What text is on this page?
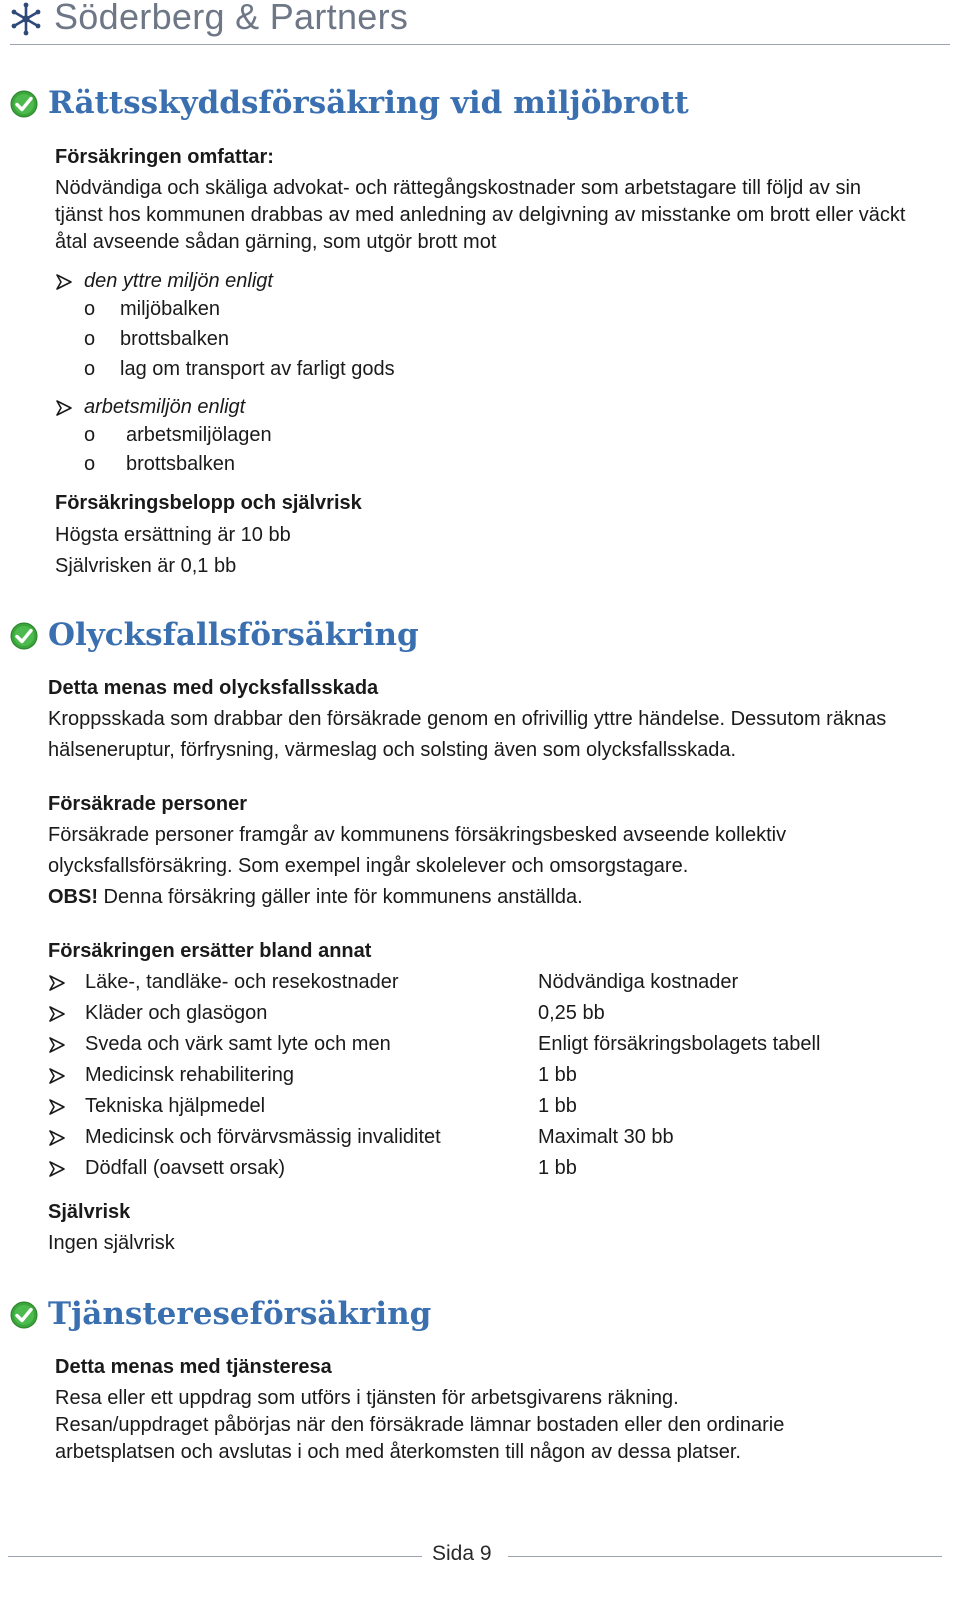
Söderberg & Partners
Rättsskyddsförsäkring vid miljöbrott
Försäkringen omfattar:
Nödvändiga och skäliga advokat- och rättegångskostnader som arbetstagare till följd av sin
tjänst hos kommunen drabbas av med anledning av delgivning av misstanke om brott eller väckt
åtal avseende sådan gärning, som utgör brott mot
den yttre miljön enligt
o miljöbalken
o brottsbalken
o lag om transport av farligt gods
arbetsmiljön enligt
o arbetsmiljölagen
o brottsbalken
Försäkringsbelopp och självrisk
Högsta ersättning är 10 bb
Självrisken är 0,1 bb
Olycksfallsförsäkring
Detta menas med olycksfallsskada
Kroppsskada som drabbar den försäkrade genom en ofrivillig yttre händelse. Dessutom räknas
hälseneruptur, förfrysning, värmeslag och solsting även som olycksfallsskada.
Försäkrade personer
Försäkrade personer framgår av kommunens försäkringsbesked avseende kollektiv
olycksfallsförsäkring. Som exempel ingår skolelever och omsorgstagare.
OBS! Denna försäkring gäller inte för kommunens anställda.
Försäkringen ersätter bland annat
Läke-, tandläke- och resekostnader	Nödvändiga kostnader
Kläder och glasögon	0,25 bb
Sveda och värk samt lyte och men	Enligt försäkringsbolagets tabell
Medicinsk rehabilitering	1 bb
Tekniska hjälpmedel	1 bb
Medicinsk och förvärvsmässig invaliditet	Maximalt 30 bb
Dödfall (oavsett orsak)	1 bb
Självrisk
Ingen självrisk
Tjänstereseförsäkring
Detta menas med tjänsteresa
Resa eller ett uppdrag som utförs i tjänsten för arbetsgivarens räkning.
Resan/uppdraget påbörjas när den försäkrade lämnar bostaden eller den ordinarie
arbetsplatsen och avslutas i och med återkomsten till någon av dessa platser.
Sida 9
